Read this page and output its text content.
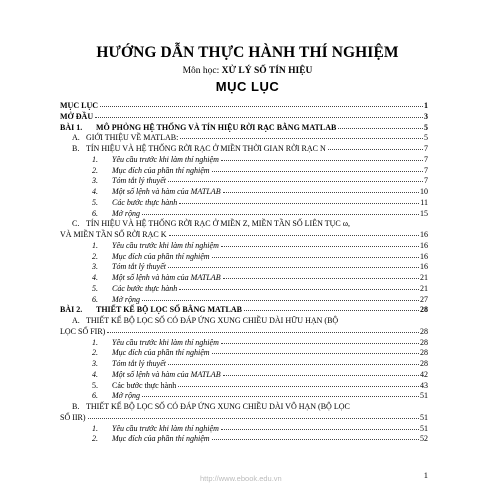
HƯỚNG DẪN THỰC HÀNH THÍ NGHIỆM
Môn học: XỬ LÝ SỐ TÍN HIỆU
MỤC LỤC
MỤC LỤC	1
MỞ ĐẦU	3
BÀI 1. MÔ PHỎNG HỆ THỐNG VÀ TÍN HIỆU RỜI RẠC BẰNG MATLAB	5
A. GIỚI THIỆU VỀ MATLAB:	5
B. TÍN HIỆU VÀ HỆ THỐNG RỜI RẠC Ở MIỀN THỜI GIAN RỜI RẠC N	7
1. Yêu cầu trước khi làm thí nghiệm	7
2. Mục đích của phần thí nghiệm	7
3. Tóm tắt lý thuyết	7
4. Một số lệnh và hàm của MATLAB	10
5. Các bước thực hành	11
6. Mở rộng	15
C. TÍN HIỆU VÀ HỆ THỐNG RỜI RẠC Ở MIỀN Z, MIỀN TẦN SỐ LIÊN TỤC ω,
VÀ MIỀN TẦN SỐ RỜI RẠC K	16
1. Yêu cầu trước khi làm thí nghiệm	16
2. Mục đích của phần thí nghiệm	16
3. Tóm tắt lý thuyết	16
4. Một số lệnh và hàm của MATLAB	21
5. Các bước thực hành	21
6. Mở rộng	27
BÀI 2. THIẾT KẾ BỘ LỌC SỐ BẰNG MATLAB	28
A. THIẾT KẾ BỘ LỌC SỐ CÓ ĐÁP ỨNG XUNG CHIỀU DÀI HỮU HẠN (BỘ
LỌC SỐ FIR)	28
1. Yêu cầu trước khi làm thí nghiệm	28
2. Mục đích của phần thí nghiệm	28
3. Tóm tắt lý thuyết	28
4. Một số lệnh và hàm của MATLAB	42
5. Các bước thực hành	43
6. Mở rộng	51
B. THIẾT KẾ BỘ LỌC SỐ CÓ ĐÁP ỨNG XUNG CHIỀU DÀI VÔ HẠN (BỘ LỌC
SỐ IIR)	51
1. Yêu cầu trước khi làm thí nghiệm	51
2. Mục đích của phần thí nghiệm	52
http://www.ebook.edu.vn	1
